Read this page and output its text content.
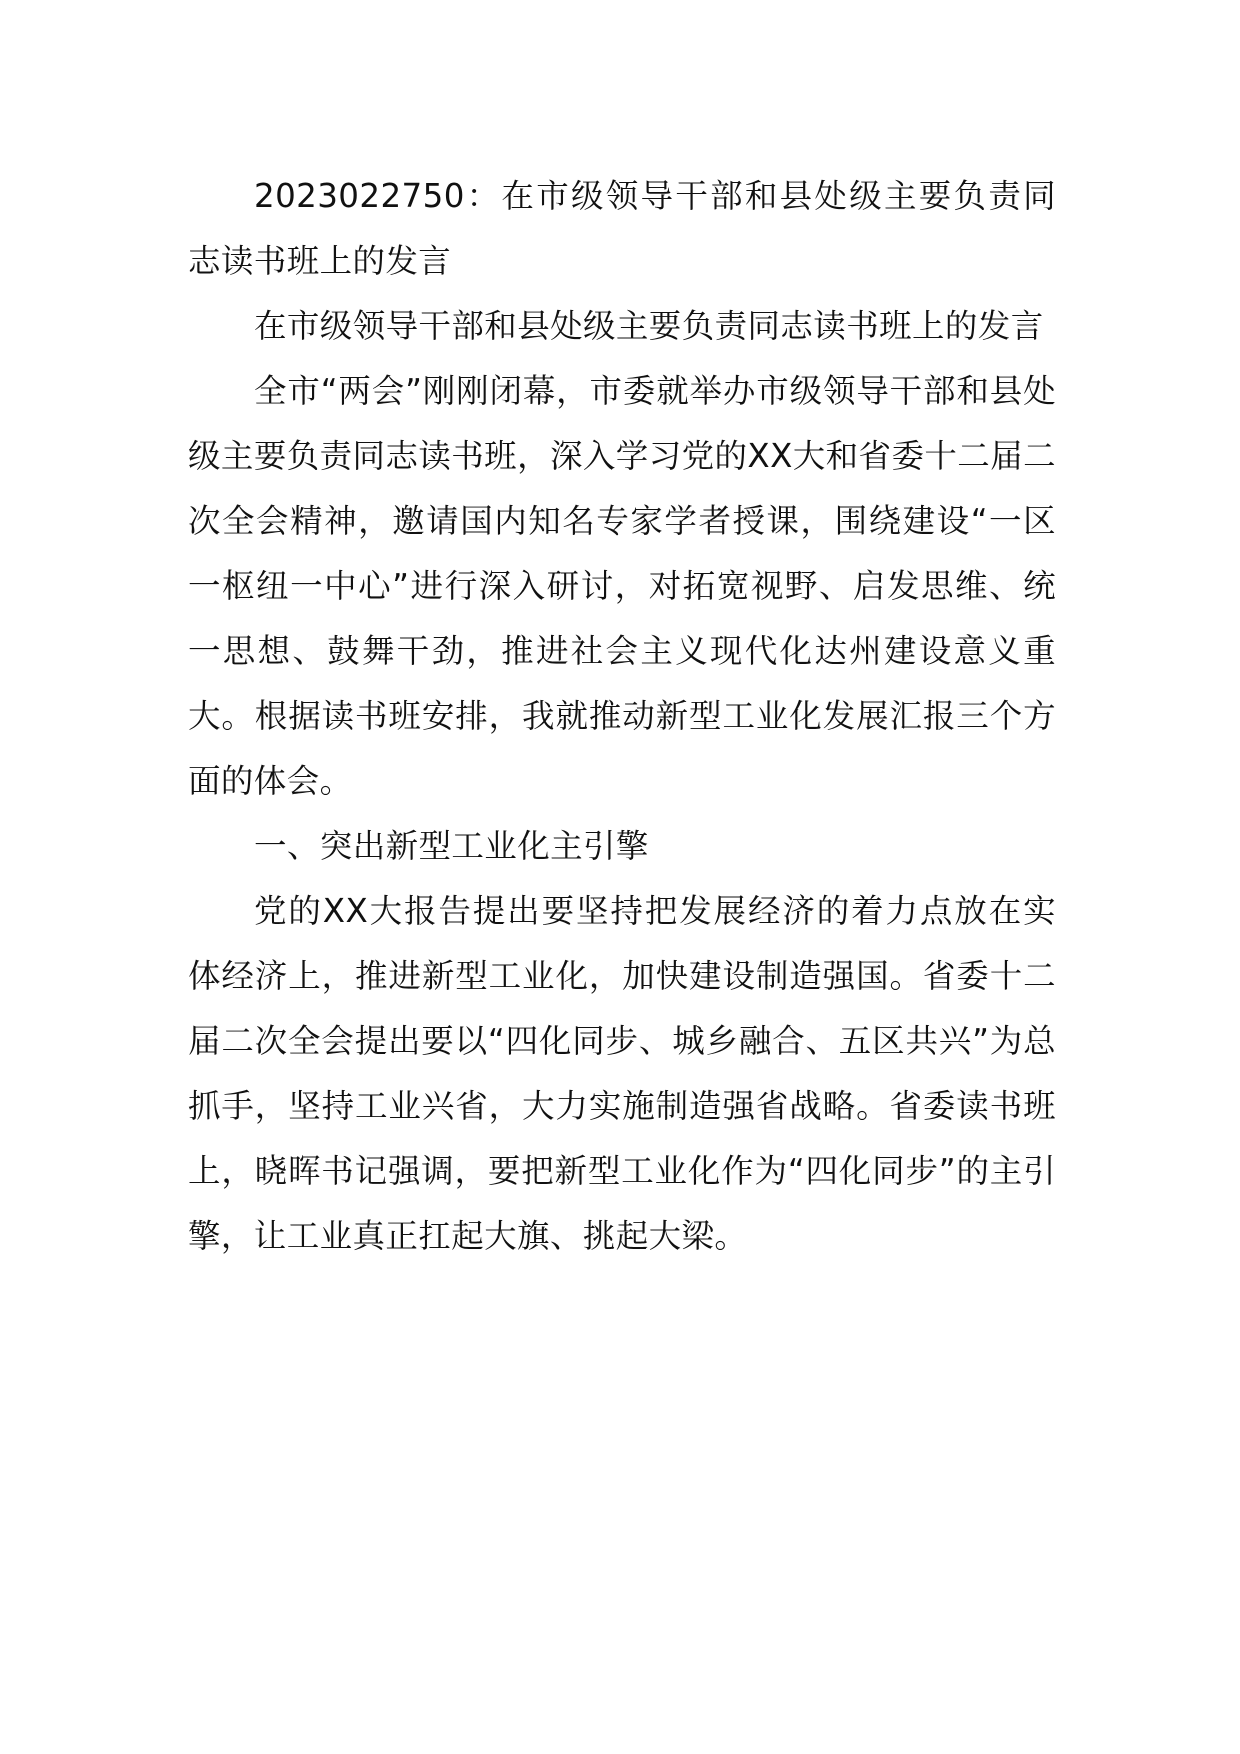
2023022750：在市级领导干部和县处级主要负责同志读书班上的发言

在市级领导干部和县处级主要负责同志读书班上的发言

全市“两会”刚刚闭幕，市委就举办市级领导干部和县处级主要负责同志读书班，深入学习党的XX大和省委十二届二次全会精神，邀请国内知名专家学者授课，围绕建设“一区一枢纽一中心”进行深入研讨，对拓宽视野、启发思维、统一思想、鼓舞干劲，推进社会主义现代化达州建设意义重大。根据读书班安排，我就推动新型工业化发展汇报三个方面的体会。

一、突出新型工业化主引擎

党的XX大报告提出要坚持把发展经济的着力点放在实体经济上，推进新型工业化，加快建设制造强国。省委十二届二次全会提出要以“四化同步、城乡融合、五区共兴”为总抓手，坚持工业兴省，大力实施制造强省战略。省委读书班上，晓晖书记强调，要把新型工业化作为“四化同步”的主引擎，让工业真正扛起大旗、挑起大梁。
